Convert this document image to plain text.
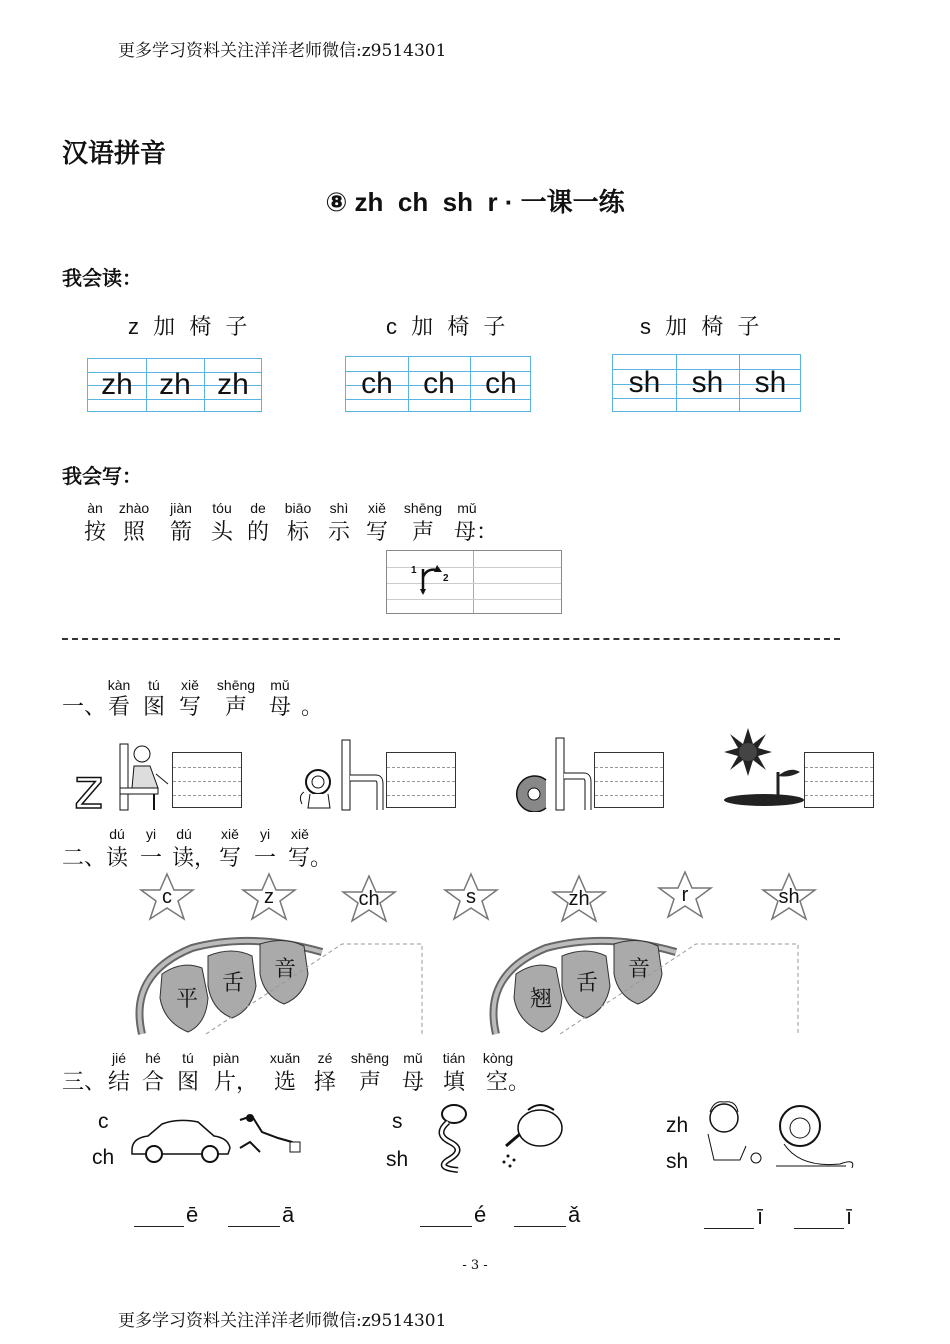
更多学习资料关注洋洋老师微信:z9514301
汉语拼音
⑧ zh  ch  sh  r · 一课一练
我会读：
z 加 椅 子	c 加 椅 子	s 加 椅 子
zh zh zh	ch	ch	ch	sh	sh	sh
我会写：
àn	zhào	jiàn	tóu	de	biāo	shì	xiě	shēng	mǔ
按 照	箭 头 的 标 示 写	声 母：
1
2
kàn	tú	xiě	shēng	mǔ
一、 看 图 写	声 母 。
z
dú	yi	dú	xiě	yi	xiě
二、 读 一 读， 写 一 写。
c	z	ch	s	zh	r	sh
平
舌
音
翘
舌
音
jié	hé	tú	piàn	xuǎn	zé	shēng	mǔ	tián	kòng
三、 结 合 图 片， 选 择	声 母 填 空。
c
ch
ē	ā
s
sh
é	ǎ
zh
sh
ī	ī
- 3 -
更多学习资料关注洋洋老师微信:z9514301
